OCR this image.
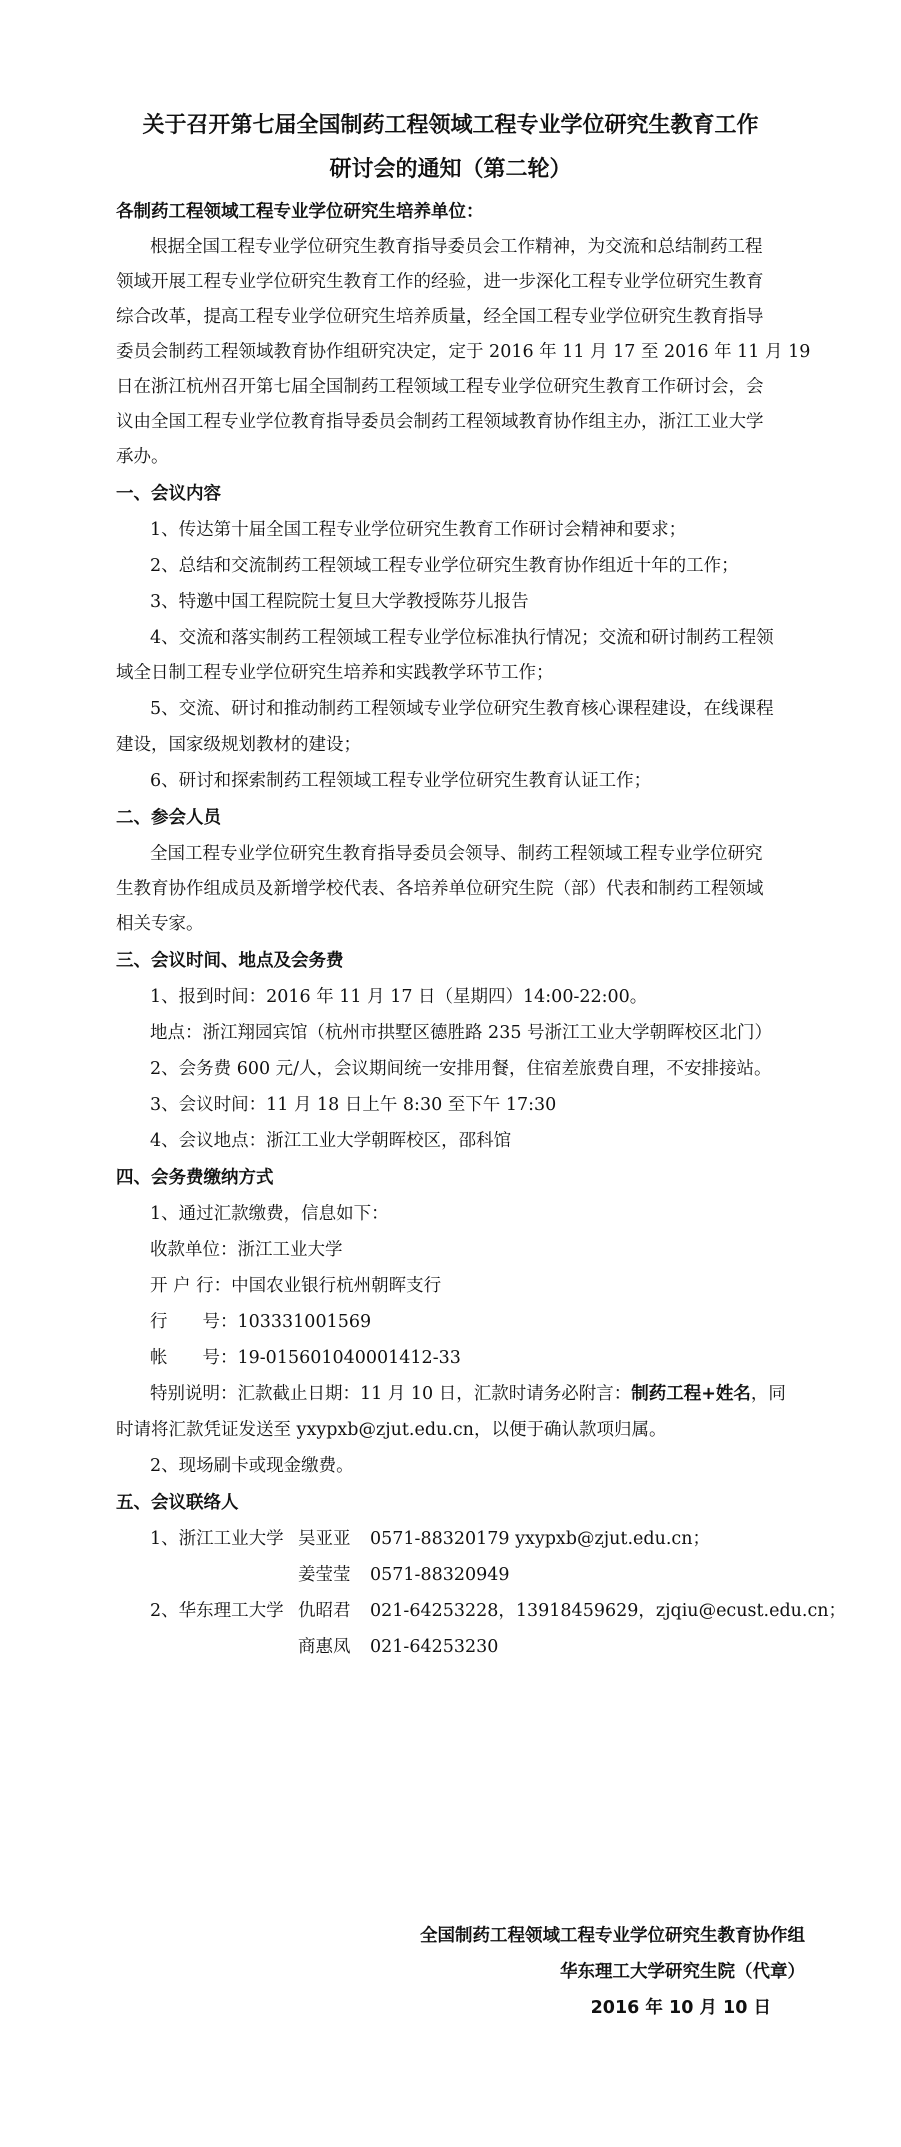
关于召开第七届全国制药工程领域工程专业学位研究生教育工作
研讨会的通知（第二轮）
各制药工程领域工程专业学位研究生培养单位：
根据全国工程专业学位研究生教育指导委员会工作精神，为交流和总结制药工程
领域开展工程专业学位研究生教育工作的经验，进一步深化工程专业学位研究生教育
综合改革，提高工程专业学位研究生培养质量，经全国工程专业学位研究生教育指导
委员会制药工程领域教育协作组研究决定，定于 2016 年 11 月 17 至 2016 年 11 月 19
日在浙江杭州召开第七届全国制药工程领域工程专业学位研究生教育工作研讨会，会
议由全国工程专业学位教育指导委员会制药工程领域教育协作组主办，浙江工业大学
承办。
一、会议内容
1、传达第十届全国工程专业学位研究生教育工作研讨会精神和要求；
2、总结和交流制药工程领域工程专业学位研究生教育协作组近十年的工作；
3、特邀中国工程院院士复旦大学教授陈芬儿报告
4、交流和落实制药工程领域工程专业学位标准执行情况；交流和研讨制药工程领
域全日制工程专业学位研究生培养和实践教学环节工作；
5、交流、研讨和推动制药工程领域专业学位研究生教育核心课程建设，在线课程
建设，国家级规划教材的建设；
6、研讨和探索制药工程领域工程专业学位研究生教育认证工作；
二、参会人员
全国工程专业学位研究生教育指导委员会领导、制药工程领域工程专业学位研究
生教育协作组成员及新增学校代表、各培养单位研究生院（部）代表和制药工程领域
相关专家。
三、会议时间、地点及会务费
1、报到时间：2016 年 11 月 17 日（星期四）14:00-22:00。
地点：浙江翔园宾馆（杭州市拱墅区德胜路 235 号浙江工业大学朝晖校区北门）
2、会务费 600 元/人，会议期间统一安排用餐，住宿差旅费自理，不安排接站。
3、会议时间：11 月 18 日上午 8:30 至下午 17:30
4、会议地点：浙江工业大学朝晖校区，邵科馆
四、会务费缴纳方式
1、通过汇款缴费，信息如下：
收款单位：浙江工业大学
开 户 行：中国农业银行杭州朝晖支行
行　　号：103331001569
帐　　号：19-015601040001412-33
特别说明：汇款截止日期：11 月 10 日，汇款时请务必附言：制药工程+姓名，同
时请将汇款凭证发送至 yxypxb@zjut.edu.cn，以便于确认款项归属。
2、现场刷卡或现金缴费。
五、会议联络人
1、浙江工业大学 吴亚亚 0571-88320179 yxypxb@zjut.edu.cn；
姜莹莹 0571-88320949
2、华东理工大学 仇昭君 021-64253228，13918459629，zjqiu@ecust.edu.cn；
商惠凤 021-64253230
全国制药工程领域工程专业学位研究生教育协作组
华东理工大学研究生院（代章）
2016 年 10 月 10 日
